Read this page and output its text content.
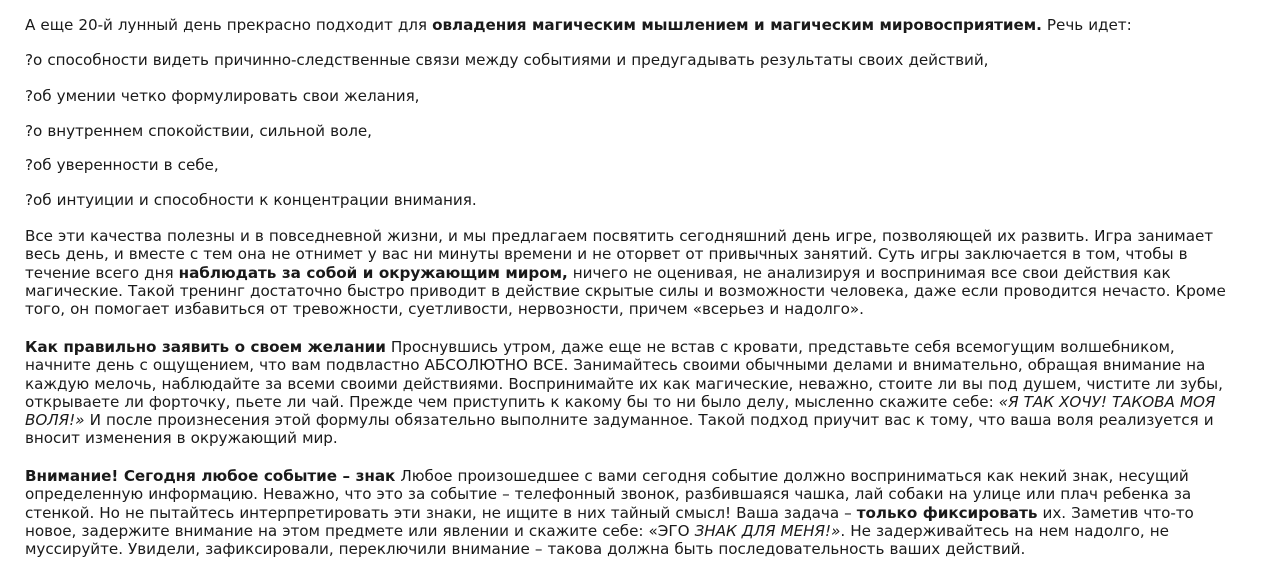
А еще 20-й лунный день прекрасно подходит для овладения магическим мышлением и магическим мировосприятием. Речь идет:

?о способности видеть причинно-следственные связи между событиями и предугадывать результаты своих действий,

?об умении четко формулировать свои желания,

?о внутреннем спокойствии, сильной воле,

?об уверенности в себе,

?об интуиции и способности к концентрации внимания.

Все эти качества полезны и в повседневной жизни, и мы предлагаем посвятить сегодняшний день игре, позволяющей их развить. Игра занимает весь день, и вместе с тем она не отнимет у вас ни минуты времени и не оторвет от привычных занятий. Суть игры заключается в том, чтобы в течение всего дня наблюдать за собой и окружающим миром, ничего не оценивая, не анализируя и воспринимая все свои действия как магические. Такой тренинг достаточно быстро приводит в действие скрытые силы и возможности человека, даже если проводится нечасто. Кроме того, он помогает избавиться от тревожности, суетливости, нервозности, причем «всерьез и надолго».

Как правильно заявить о своем желании Проснувшись утром, даже еще не встав с кровати, представьте себя всемогущим волшебником, начните день с ощущением, что вам подвластно АБСОЛЮТНО ВСЕ. Занимайтесь своими обычными делами и внимательно, обращая внимание на каждую мелочь, наблюдайте за всеми своими действиями. Воспринимайте их как магические, неважно, стоите ли вы под душем, чистите ли зубы, открываете ли форточку, пьете ли чай. Прежде чем приступить к какому бы то ни было делу, мысленно скажите себе: «Я ТАК ХОЧУ! ТАКОВА МОЯ ВОЛЯ!» И после произнесения этой формулы обязательно выполните задуманное. Такой подход приучит вас к тому, что ваша воля реализуется и вносит изменения в окружающий мир.

Внимание! Сегодня любое событие – знак Любое произошедшее с вами сегодня событие должно восприниматься как некий знак, несущий определенную информацию. Неважно, что это за событие – телефонный звонок, разбившаяся чашка, лай собаки на улице или плач ребенка за стенкой. Но не пытайтесь интерпретировать эти знаки, не ищите в них тайный смысл! Ваша задача – только фиксировать их. Заметив что-то новое, задержите внимание на этом предмете или явлении и скажите себе: «ЭГО ЗНАК ДЛЯ МЕНЯ!». Не задерживайтесь на нем надолго, не муссируйте. Увидели, зафиксировали, переключили внимание – такова должна быть последовательность ваших действий.
